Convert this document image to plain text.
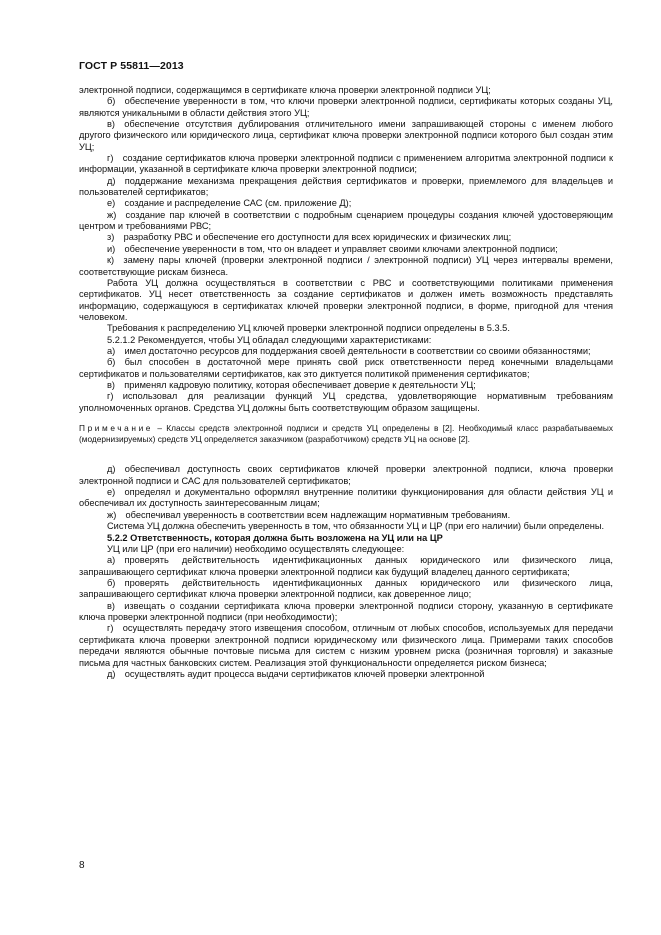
ГОСТ Р 55811—2013

электронной подписи, содержащимся в сертификате ключа проверки электронной подписи УЦ;

б) обеспечение уверенности в том, что ключи проверки электронной подписи, сертификаты которых созданы УЦ, являются уникальными в области действия этого УЦ;

в) обеспечение отсутствия дублирования отличительного имени запрашивающей стороны с именем любого другого физического или юридического лица, сертификат ключа проверки электронной подписи которого был создан этим УЦ;

г) создание сертификатов ключа проверки электронной подписи с применением алгоритма электронной подписи к информации, указанной в сертификате ключа проверки электронной подписи;

д) поддержание механизма прекращения действия сертификатов и проверки, приемлемого для владельцев и пользователей сертификатов;

е) создание и распределение САС (см. приложение Д);

ж) создание пар ключей в соответствии с подробным сценарием процедуры создания ключей удостоверяющим центром и требованиями РВС;

з) разработку РВС и обеспечение его доступности для всех юридических и физических лиц;

и) обеспечение уверенности в том, что он владеет и управляет своими ключами электронной подписи;

к) замену пары ключей (проверки электронной подписи / электронной подписи) УЦ через интервалы времени, соответствующие рискам бизнеса.

Работа УЦ должна осуществляться в соответствии с РВС и соответствующими политиками применения сертификатов. УЦ несет ответственность за создание сертификатов и должен иметь возможность представлять информацию, содержащуюся в сертификатах ключей проверки электронной подписи, в форме, пригодной для чтения человеком.

Требования к распределению УЦ ключей проверки электронной подписи определены в 5.3.5.

5.2.1.2 Рекомендуется, чтобы УЦ обладал следующими характеристиками:

а) имел достаточно ресурсов для поддержания своей деятельности в соответствии со своими обязанностями;

б) был способен в достаточной мере принять свой риск ответственности перед конечными владельцами сертификатов и пользователями сертификатов, как это диктуется политикой применения сертификатов;

в) применял кадровую политику, которая обеспечивает доверие к деятельности УЦ;

г) использовал для реализации функций УЦ средства, удовлетворяющие нормативным требованиям уполномоченных органов. Средства УЦ должны быть соответствующим образом защищены.

Примечание – Классы средств электронной подписи и средств УЦ определены в [2]. Необходимый класс разрабатываемых (модернизируемых) средств УЦ определяется заказчиком (разработчиком) средств УЦ на основе [2].

д) обеспечивал доступность своих сертификатов ключей проверки электронной подписи, ключа проверки электронной подписи и САС для пользователей сертификатов;

е) определял и документально оформлял внутренние политики функционирования для области действия УЦ и обеспечивал их доступность заинтересованным лицам;

ж) обеспечивал уверенность в соответствии всем надлежащим нормативным требованиям.

Система УЦ должна обеспечить уверенность в том, что обязанности УЦ и ЦР (при его наличии) были определены.

5.2.2 Ответственность, которая должна быть возложена на УЦ или на ЦР

УЦ или ЦР (при его наличии) необходимо осуществлять следующее:

а) проверять действительность идентификационных данных юридического или физического лица, запрашивающего сертификат ключа проверки электронной подписи как будущий владелец данного сертификата;

б) проверять действительность идентификационных данных юридического или физического лица, запрашивающего сертификат ключа проверки электронной подписи, как доверенное лицо;

в) извещать о создании сертификата ключа проверки электронной подписи сторону, указанную в сертификате ключа проверки электронной подписи (при необходимости);

г) осуществлять передачу этого извещения способом, отличным от любых способов, используемых для передачи сертификата ключа проверки электронной подписи юридическому или физического лица. Примерами таких способов передачи являются обычные почтовые письма для систем с низким уровнем риска (розничная торговля) и заказные письма для частных банковских систем. Реализация этой функциональности определяется риском бизнеса;

д) осуществлять аудит процесса выдачи сертификатов ключей проверки электронной

8
